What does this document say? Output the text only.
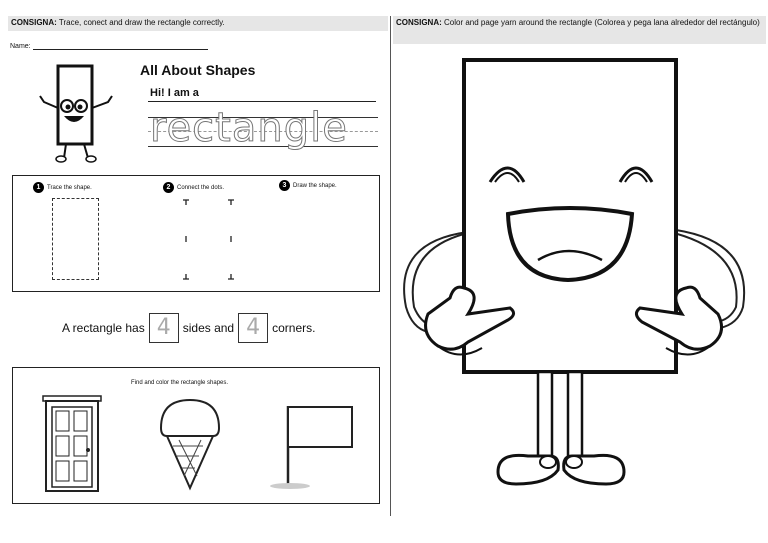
CONSIGNA: Trace, conect and draw the rectangle correctly.
Name:
All About Shapes
Hi! I am a
rectangle
1 Trace the shape.	2 Connect the dots.	3 Draw the shape.
A rectangle has 4	sides and 4	corners.
Find and color the rectangle shapes.
CONSIGNA: Color and page yarn around the rectangle (Colorea y pega lana alrededor del rectángulo)
